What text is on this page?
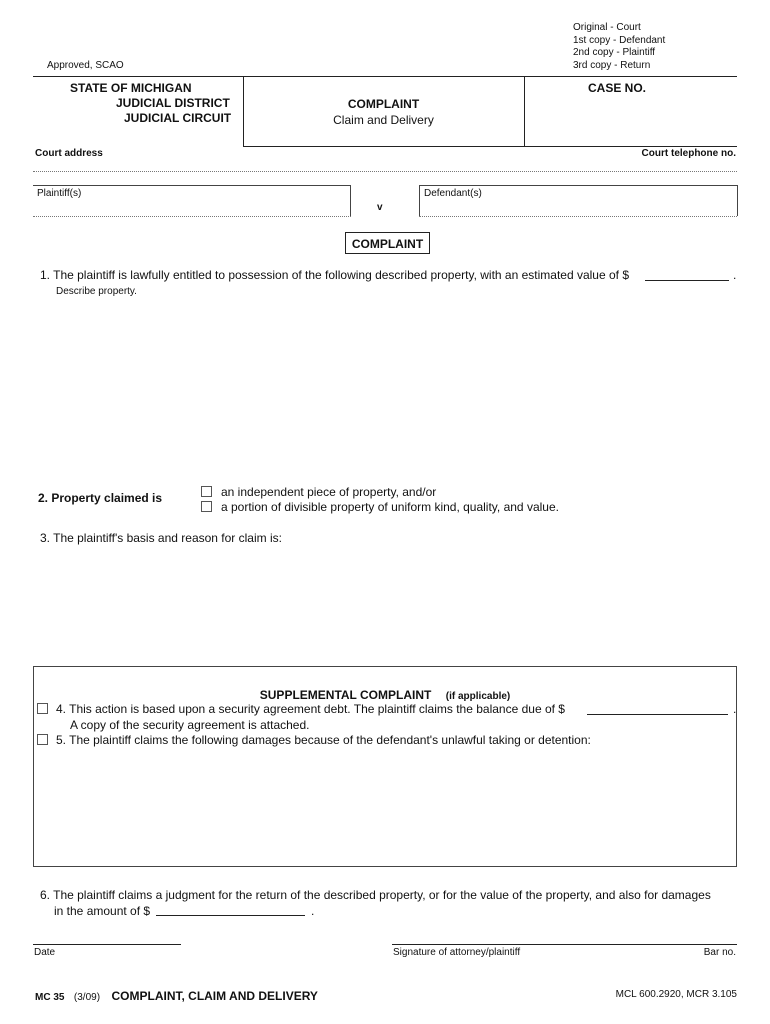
Original - Court
1st copy - Defendant
2nd copy - Plaintiff
3rd copy - Return
Approved, SCAO
STATE OF MICHIGAN
JUDICIAL DISTRICT
JUDICIAL CIRCUIT
COMPLAINT
Claim and Delivery
CASE NO.
Court address	Court telephone no.
Plaintiff(s)
v
Defendant(s)
COMPLAINT
1. The plaintiff is lawfully entitled to possession of the following described property, with an estimated value of $	.
Describe property.
2. Property claimed is	an independent piece of property, and/or
a portion of divisible property of uniform kind, quality, and value.
3. The plaintiff's basis and reason for claim is:
SUPPLEMENTAL COMPLAINT (if applicable)
4. This action is based upon a security agreement debt. The plaintiff claims the balance due of $	.
A copy of the security agreement is attached.
5. The plaintiff claims the following damages because of the defendant's unlawful taking or detention:
6. The plaintiff claims a judgment for the return of the described property, or for the value of the property, and also for damages
in the amount of $	.
Date	Signature of attorney/plaintiff	Bar no.
MC 35 (3/09) COMPLAINT, CLAIM AND DELIVERY	MCL 600.2920, MCR 3.105
